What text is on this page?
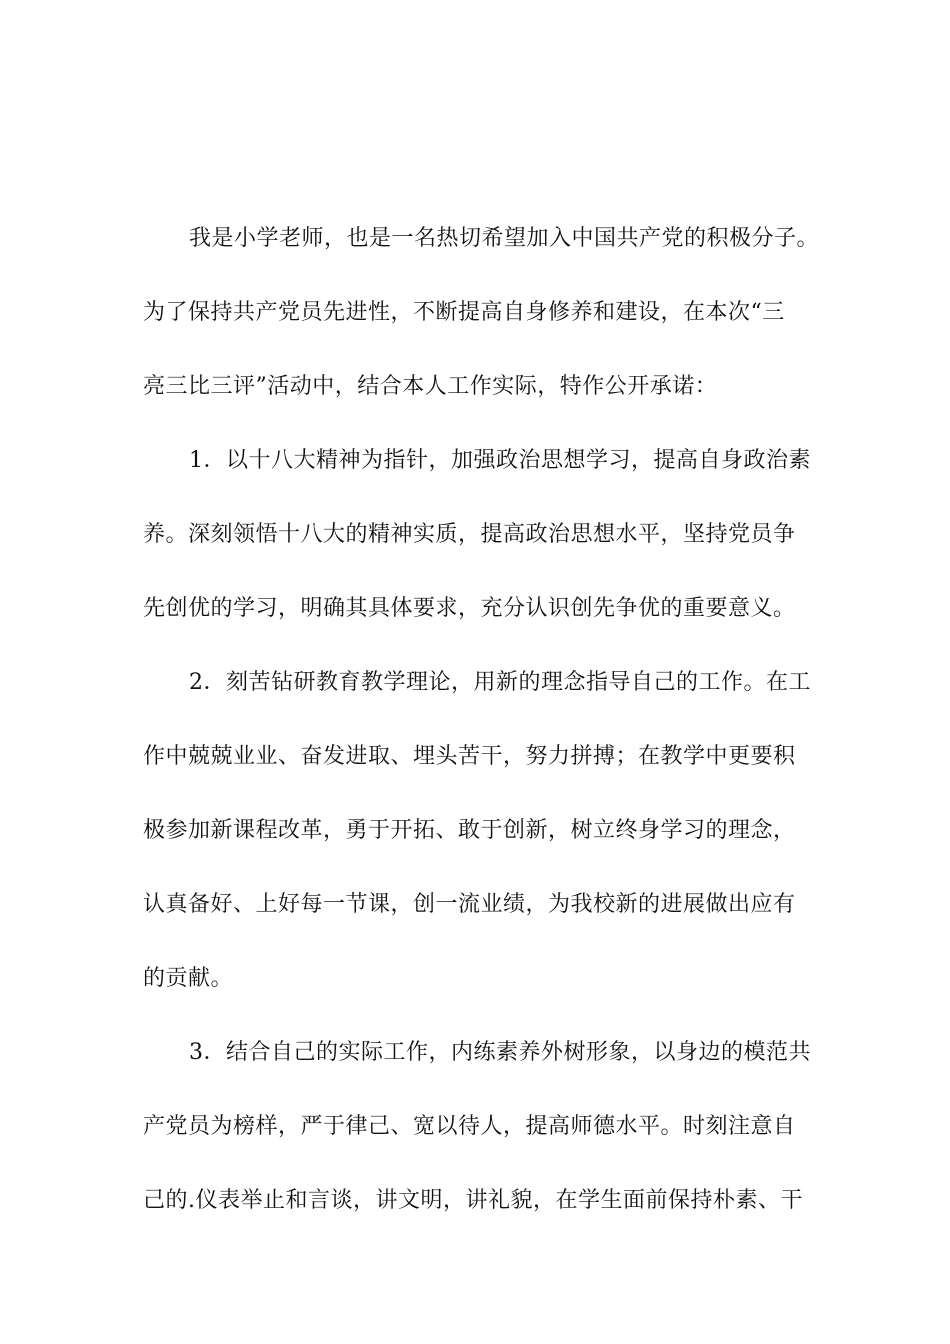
我是小学老师，也是一名热切希望加入中国共产党的积极分子。
为了保持共产党员先进性，不断提高自身修养和建设，在本次“三
亮三比三评”活动中，结合本人工作实际，特作公开承诺：

1．以十八大精神为指针，加强政治思想学习，提高自身政治素
养。深刻领悟十八大的精神实质，提高政治思想水平，坚持党员争
先创优的学习，明确其具体要求，充分认识创先争优的重要意义。

2．刻苦钻研教育教学理论，用新的理念指导自己的工作。在工
作中兢兢业业、奋发进取、埋头苦干，努力拼搏；在教学中更要积
极参加新课程改革，勇于开拓、敢于创新，树立终身学习的理念，
认真备好、上好每一节课，创一流业绩，为我校新的进展做出应有
的贡献。

3．结合自己的实际工作，内练素养外树形象，以身边的模范共
产党员为榜样，严于律己、宽以待人，提高师德水平。时刻注意自
己的.仪表举止和言谈，讲文明，讲礼貌，在学生面前保持朴素、干
